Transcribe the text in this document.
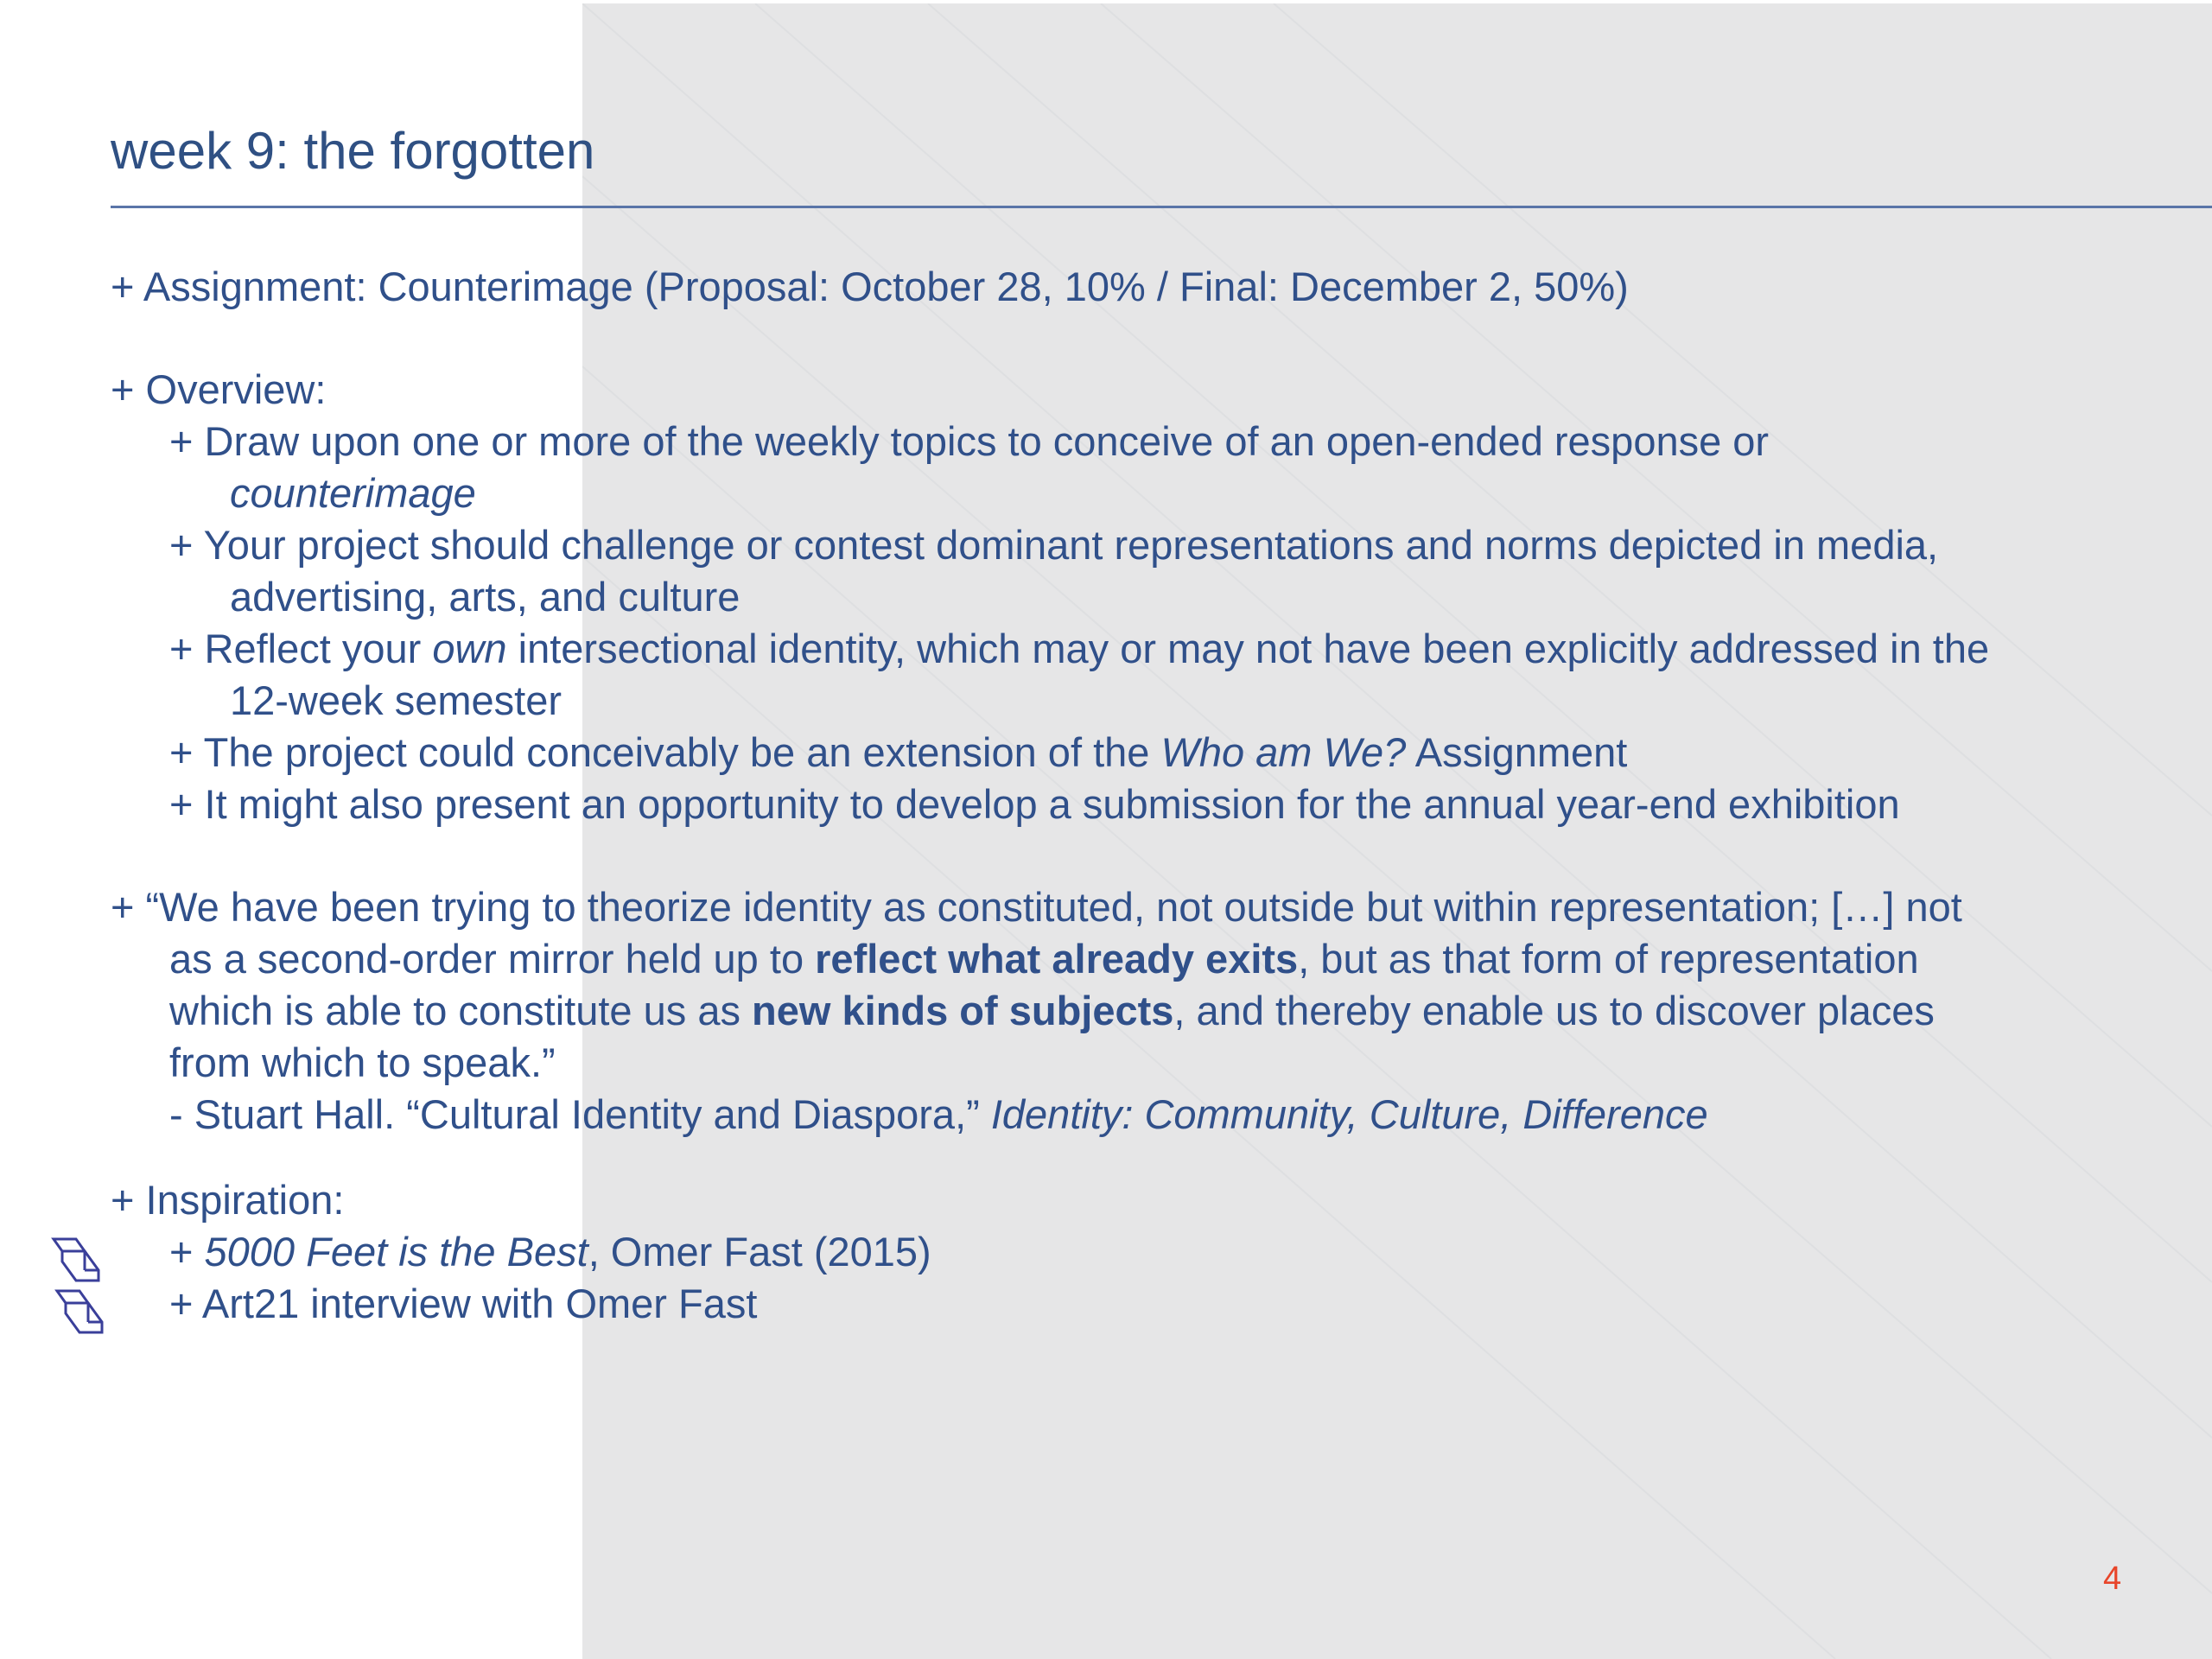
week 9: the forgotten
+ Assignment: Counterimage (Proposal: October 28, 10% / Final: December 2, 50%)
+ Overview:
+ Draw upon one or more of the weekly topics to conceive of an open-ended response or
counterimage
+ Your project should challenge or contest dominant representations and norms depicted in media,
advertising, arts, and culture
+ Reflect your own intersectional identity, which may or may not have been explicitly addressed in the
12-week semester
+ The project could conceivably be an extension of the Who am We? Assignment
+ It might also present an opportunity to develop a submission for the annual year-end exhibition
+ “We have been trying to theorize identity as constituted, not outside but within representation; […] not
as a second-order mirror held up to reflect what already exits, but as that form of representation
which is able to constitute us as new kinds of subjects, and thereby enable us to discover places
from which to speak.”
- Stuart Hall. “Cultural Identity and Diaspora,” Identity: Community, Culture, Difference
+ Inspiration:
+ 5000 Feet is the Best, Omer Fast (2015)
+ Art21 interview with Omer Fast
4
